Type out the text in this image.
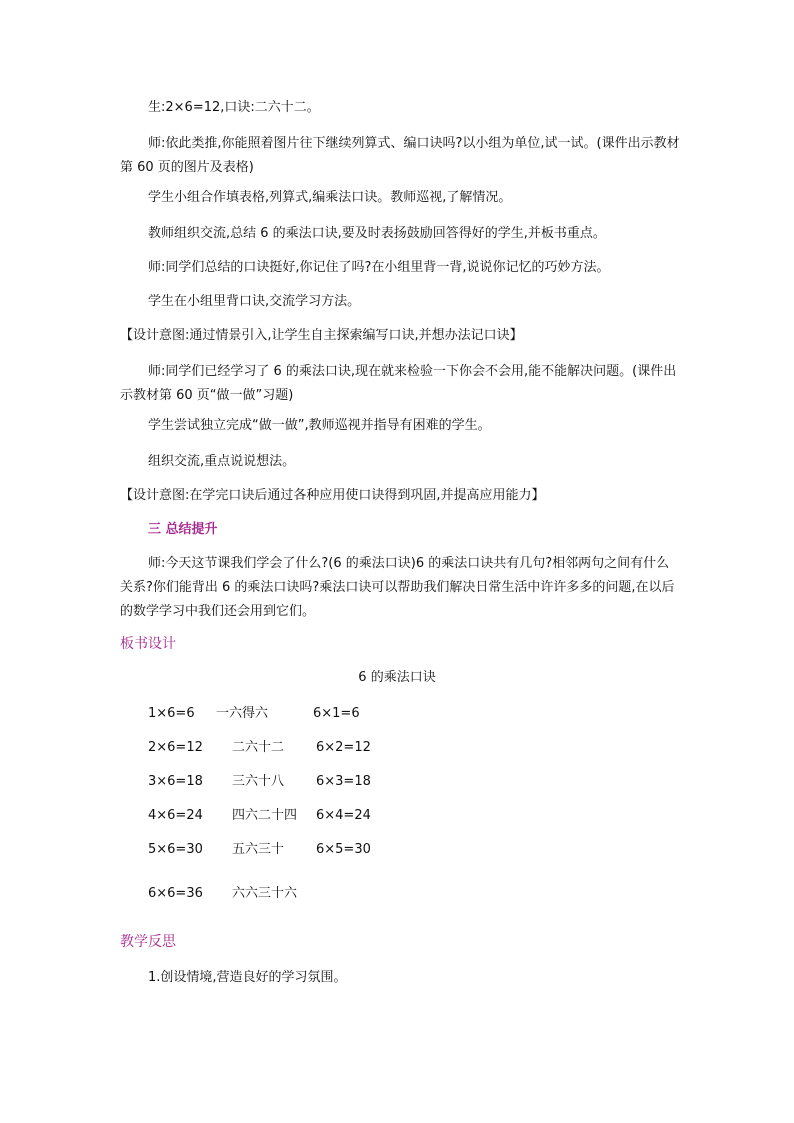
生:2×6=12,口诀:二六十二。

师:依此类推,你能照着图片往下继续列算式、编口诀吗?以小组为单位,试一试。(课件出示教材第 60 页的图片及表格)

学生小组合作填表格,列算式,编乘法口诀。教师巡视,了解情况。

教师组织交流,总结 6 的乘法口诀,要及时表扬鼓励回答得好的学生,并板书重点。

师:同学们总结的口诀挺好,你记住了吗?在小组里背一背,说说你记忆的巧妙方法。

学生在小组里背口诀,交流学习方法。

【设计意图:通过情景引入,让学生自主探索编写口诀,并想办法记口诀】

师:同学们已经学习了 6 的乘法口诀,现在就来检验一下你会不会用,能不能解决问题。(课件出示教材第 60 页“做一做”习题)

学生尝试独立完成“做一做”,教师巡视并指导有困难的学生。

组织交流,重点说说想法。

【设计意图:在学完口诀后通过各种应用使口诀得到巩固,并提高应用能力】

三 总结提升

师:今天这节课我们学会了什么?(6 的乘法口诀)6 的乘法口诀共有几句?相邻两句之间有什么关系?你们能背出 6 的乘法口诀吗?乘法口诀可以帮助我们解决日常生活中许许多多的问题,在以后的数学学习中我们还会用到它们。

板书设计

6 的乘法口诀
1×6=6 一六得六	6×1=6
2×6=12 二六十二 6×2=12
3×6=18 三六十八 6×3=18
4×6=24 四六二十四 6×4=24
5×6=30 五六三十 6×5=30
6×6=36 六六三十六

教学反思

1.创设情境,营造良好的学习氛围。
